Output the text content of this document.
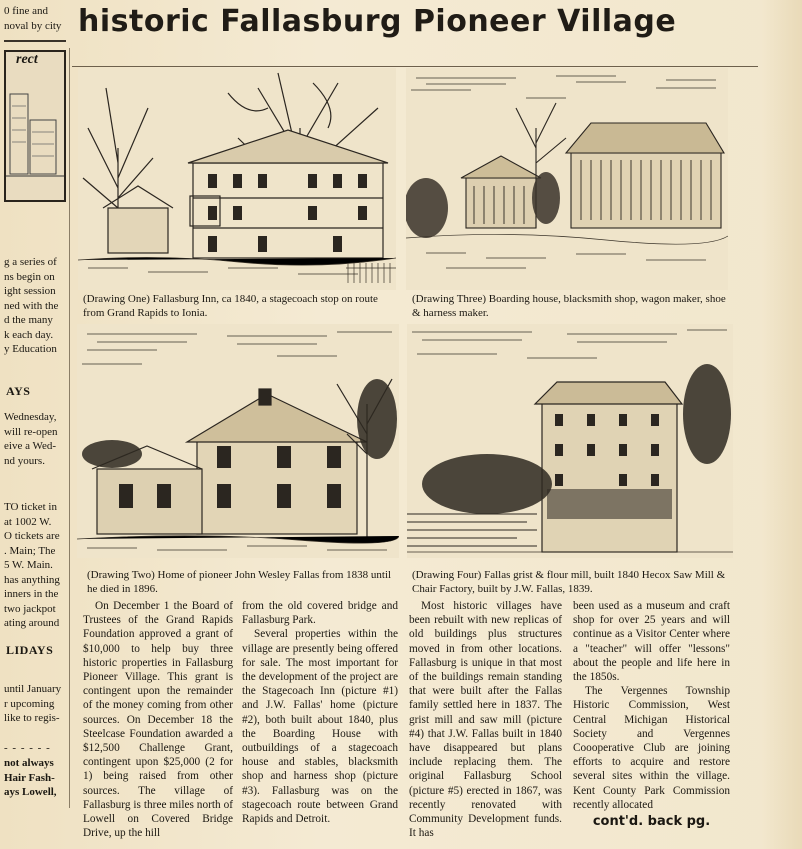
0 fine and
noval by city
rect
g a series of
ns begin on
ight session
ned with the
d the many
k each day.
y Education
AYS
Wednesday,
will re-open
eive a Wed-
nd yours.
TO ticket in
at 1002 W.
O tickets are
. Main; The
5 W. Main.
has anything
inners in the
two jackpot
ating around
LIDAYS
until January
r upcoming
like to regis-
- - - - - -
not always
Hair Fash-
ays Lowell,
historic Fallasburg Pioneer Village
(Drawing One) Fallasburg Inn, ca 1840, a stagecoach stop on route from Grand Rapids to Ionia.
(Drawing Three) Boarding house, blacksmith shop, wagon maker, shoe & harness maker.
(Drawing Two) Home of pioneer John Wesley Fallas from 1838 until he died in 1896.
(Drawing Four) Fallas grist & flour mill, built 1840 Hecox Saw Mill & Chair Factory, built by J.W. Fallas, 1839.

On December 1 the Board of Trustees of the Grand Rapids Foundation approved a grant of $10,000 to help buy three historic properties in Fallasburg Pioneer Village. This grant is contingent upon the remainder of the money coming from other sources. On December 18 the Steelcase Foundation awarded a $12,500 Challenge Grant, contingent upon $25,000 (2 for 1) being raised from other sources. The village of Fallasburg is three miles north of Lowell on Covered Bridge Drive, up the hill

from the old covered bridge and Fallasburg Park.

Several properties within the village are presently being offered for sale. The most important for the development of the project are the Stagecoach Inn (picture #1) and J.W. Fallas' home (picture #2), both built about 1840, plus the Boarding House with outbuildings of a stagecoach house and stables, blacksmith shop and harness shop (picture #3). Fallasburg was on the stagecoach route between Grand Rapids and Detroit.

Most historic villages have been rebuilt with new replicas of old buildings plus structures moved in from other locations. Fallasburg is unique in that most of the buildings remain standing that were built after the Fallas family settled here in 1837. The grist mill and saw mill (picture #4) that J.W. Fallas built in 1840 have disappeared but plans include replacing them. The original Fallasburg School (picture #5) erected in 1867, was recently renovated with Community Development funds. It has

been used as a museum and craft shop for over 25 years and will continue as a Visitor Center where a "teacher" will offer "lessons" about the people and life here in the 1850s.

The Vergennes Township Historic Commission, West Central Michigan Historical Society and Vergennes Coooperative Club are joining efforts to acquire and restore several sites within the village. Kent County Park Commission recently allocated

cont'd. back pg.
